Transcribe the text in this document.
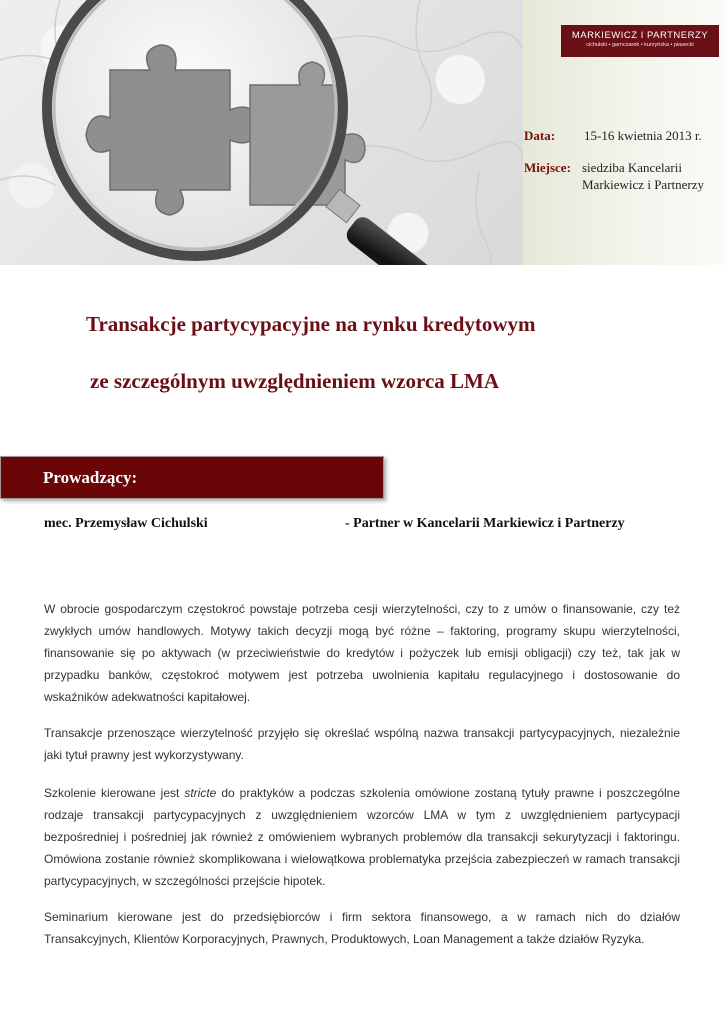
MARKIEWICZ I PARTNERZY
cichulski • garnczarek • kurzyńska • piasecki
Data: 15-16 kwietnia 2013 r.
Miejsce: siedziba Kancelarii
Markiewicz i Partnerzy
Transakcje partycypacyjne na rynku kredytowym
ze szczególnym uwzględnieniem wzorca LMA
Prowadzący:
mec. Przemysław Cichulski	- Partner w Kancelarii Markiewicz i Partnerzy

W obrocie gospodarczym częstokroć powstaje potrzeba cesji wierzytelności, czy to z umów o finansowanie, czy też zwykłych umów handlowych. Motywy takich decyzji mogą być różne – faktoring, programy skupu wierzytelności, finansowanie się po aktywach (w przeciwieństwie do kredytów i pożyczek lub emisji obligacji) czy też, tak jak w przypadku banków, częstokroć motywem jest potrzeba uwolnienia kapitału regulacyjnego i dostosowanie do wskaźników adekwatności kapitałowej.

Transakcje przenoszące wierzytelność przyjęło się określać wspólną nazwa transakcji partycypacyjnych, niezależnie jaki tytuł prawny jest wykorzystywany.

Szkolenie kierowane jest stricte do praktyków a podczas szkolenia omówione zostaną tytuły prawne i poszczególne rodzaje transakcji partycypacyjnych z uwzględnieniem wzorców LMA w tym z uwzględnieniem partycypacji bezpośredniej i pośredniej jak również z omówieniem wybranych problemów dla transakcji sekurytyzacji i faktoringu. Omówiona zostanie również skomplikowana i wielowątkowa problematyka przejścia zabezpieczeń w ramach transakcji partycypacyjnych, w szczególności przejście hipotek.

Seminarium kierowane jest do przedsiębiorców i firm sektora finansowego, a w ramach nich do działów Transakcyjnych, Klientów Korporacyjnych, Prawnych, Produktowych, Loan Management a także działów Ryzyka.
